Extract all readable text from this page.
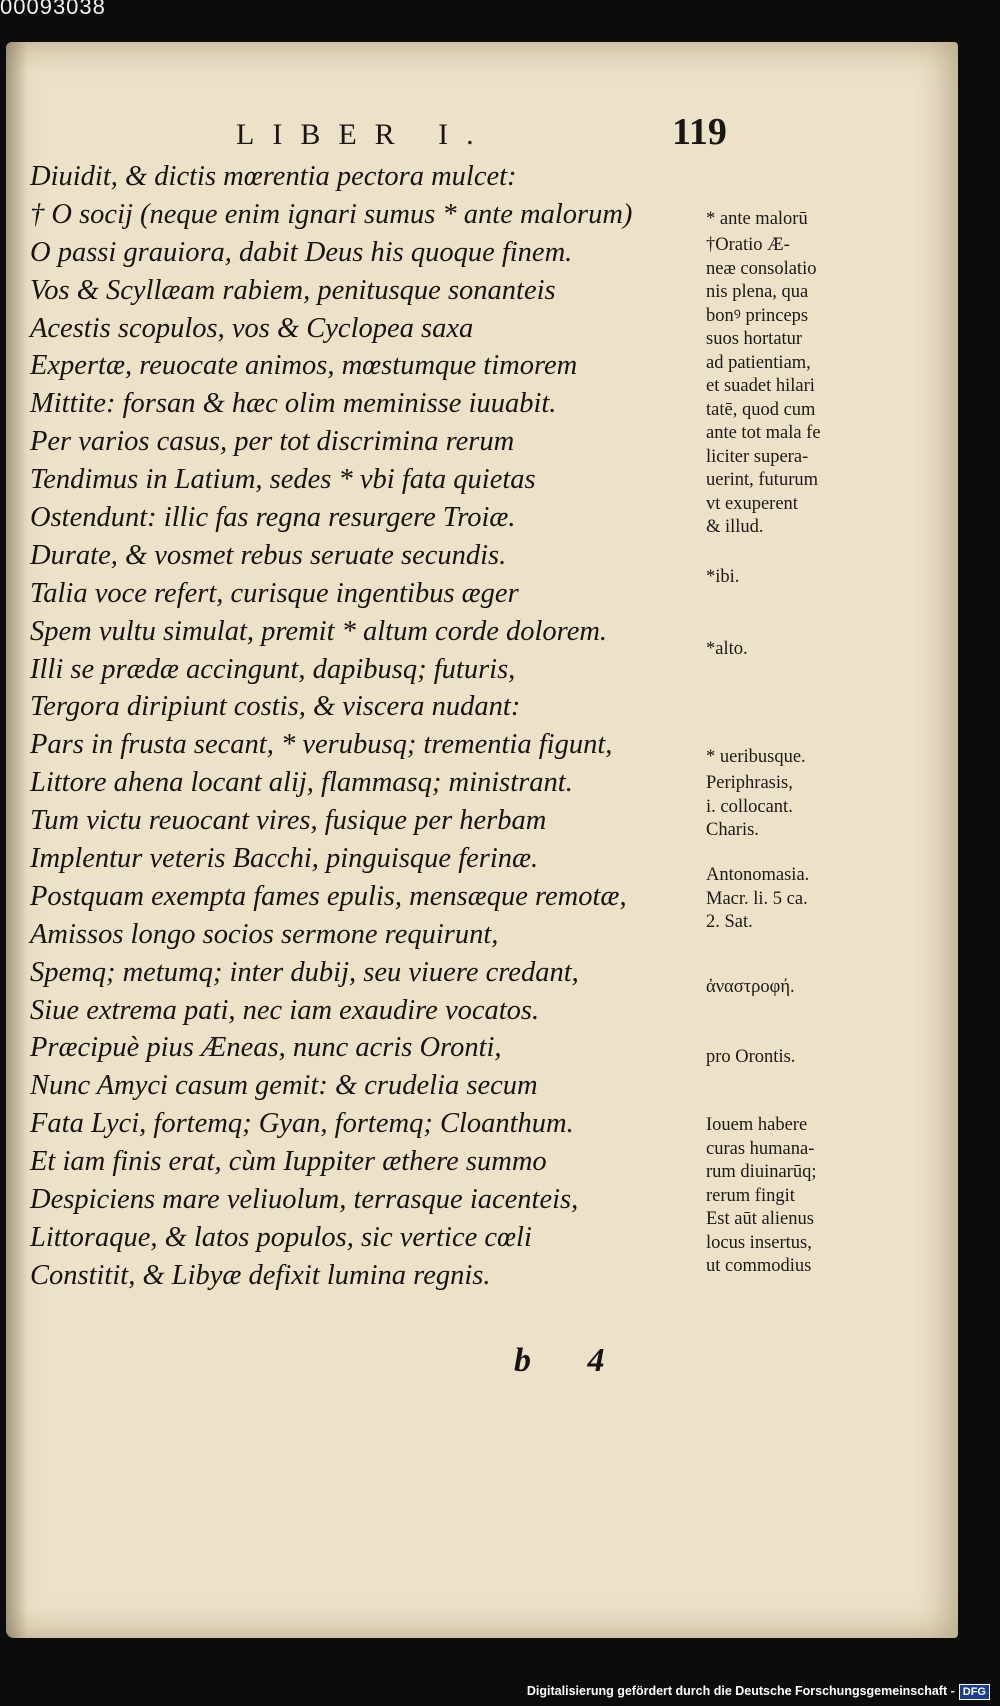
00093038
LIBER I.	119
Diuidit, & dictis mœrentia pectora mulcet:
† O socij (neque enim ignari sumus * ante malorum)
O passi grauiora, dabit Deus his quoque finem.
Vos & Scyllæam rabiem, penitusque sonanteis
Acestis scopulos, vos & Cyclopea saxa
Expertæ, reuocate animos, mœstumque timorem
Mittite: forsan & hæc olim meminisse iuuabit.
Per varios casus, per tot discrimina rerum
Tendimus in Latium, sedes * vbi fata quietas
Ostendunt: illic fas regna resurgere Troiæ.
Durate, & vosmet rebus seruate secundis.
Talia voce refert, curisque ingentibus æger
Spem vultu simulat, premit * altum corde dolorem.
Illi se prædæ accingunt, dapibusq; futuris,
Tergora diripiunt costis, & viscera nudant:
Pars in frusta secant, * verubusq; trementia figunt,
Littore ahena locant alij, flammasq; ministrant.
Tum victu reuocant vires, fusique per herbam
Implentur veteris Bacchi, pinguisque ferinæ.
Postquam exempta fames epulis, mensæque remotæ,
Amissos longo socios sermone requirunt,
Spemq; metumq; inter dubij, seu viuere credant,
Siue extrema pati, nec iam exaudire vocatos.
Præcipuè pius Æneas, nunc acris Oronti,
Nunc Amyci casum gemit: & crudelia secum
Fata Lyci, fortemq; Gyan, fortemq; Cloanthum.
Et iam finis erat, cùm Iuppiter æthere summo
Despiciens mare veliuolum, terrasque iacenteis,
Littoraque, & latos populos, sic vertice cœli
Constitit, & Libyæ defixit lumina regnis.
* ante malorū
†Oratio Æ-
neæ consolatio
nis plena, qua
bonꝰ princeps
suos hortatur
ad patientiam,
et suadet hilari
tatē, quod cum
ante tot mala fe
liciter supera-
uerint, futurum
vt exuperent
& illud.
*ibi.
*alto.
* ueribusque.
Periphrasis,
i. collocant.
Charis.
Antonomasia.
Macr. li. 5 ca.
2. Sat.
ἀναστροφή.
pro Orontis.
Iouem habere
curas humana-
rum diuinarūq;
rerum fingit
Est aūt alienus
locus insertus,
ut commodius
b 4
Digitalisierung gefördert durch die Deutsche Forschungsgemeinschaft - DFG
